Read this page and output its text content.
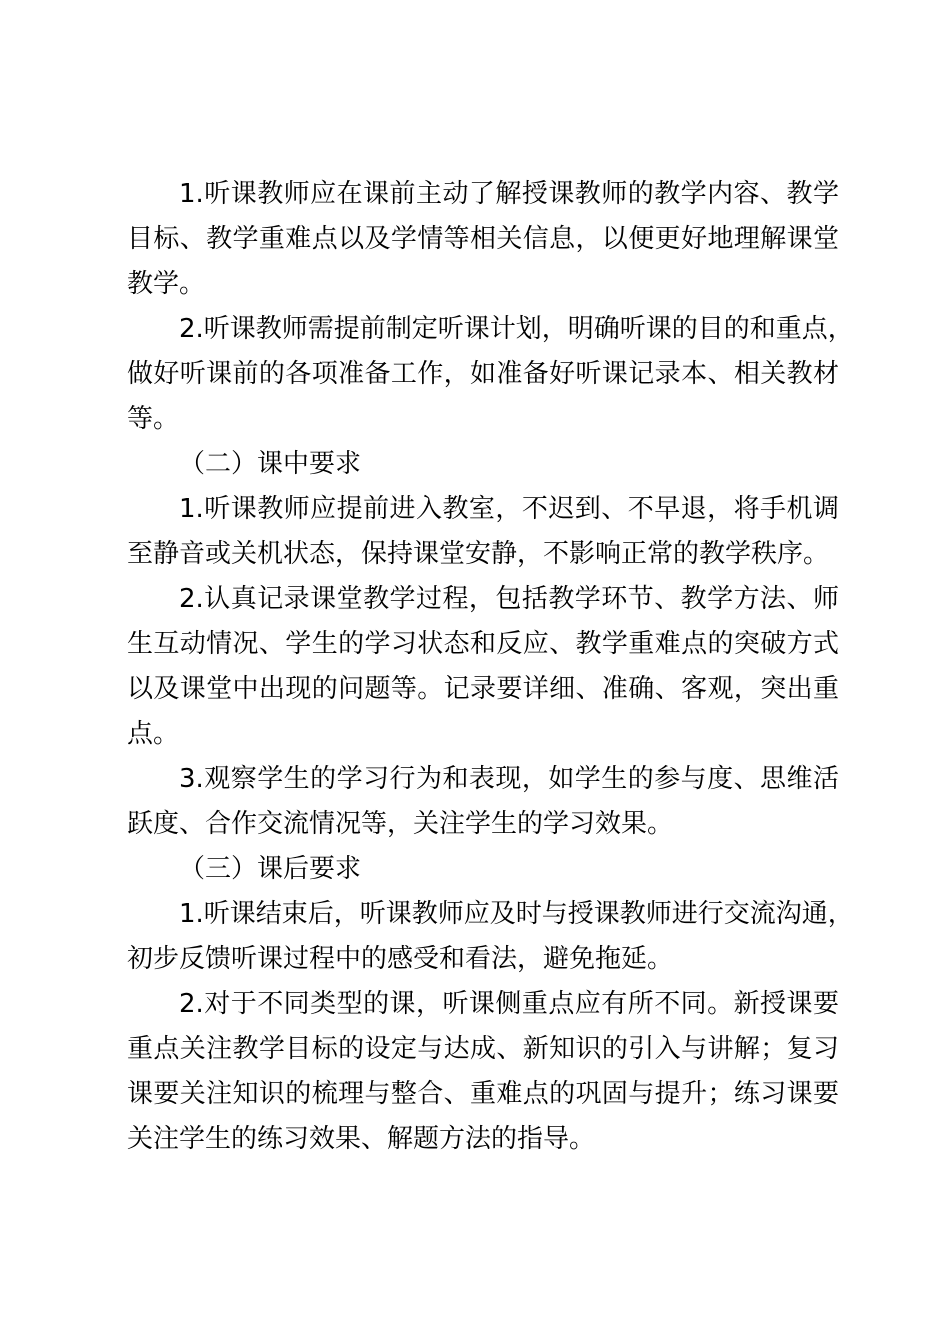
1.听课教师应在课前主动了解授课教师的教学内容、教学
目标、教学重难点以及学情等相关信息，以便更好地理解课堂
教学。

2.听课教师需提前制定听课计划，明确听课的目的和重点，
做好听课前的各项准备工作，如准备好听课记录本、相关教材
等。

（二）课中要求

1.听课教师应提前进入教室，不迟到、不早退，将手机调
至静音或关机状态，保持课堂安静，不影响正常的教学秩序。

2.认真记录课堂教学过程，包括教学环节、教学方法、师
生互动情况、学生的学习状态和反应、教学重难点的突破方式
以及课堂中出现的问题等。记录要详细、准确、客观，突出重
点。

3.观察学生的学习行为和表现，如学生的参与度、思维活
跃度、合作交流情况等，关注学生的学习效果。

（三）课后要求

1.听课结束后，听课教师应及时与授课教师进行交流沟通，
初步反馈听课过程中的感受和看法，避免拖延。

2.对于不同类型的课，听课侧重点应有所不同。新授课要
重点关注教学目标的设定与达成、新知识的引入与讲解；复习
课要关注知识的梳理与整合、重难点的巩固与提升；练习课要
关注学生的练习效果、解题方法的指导。
